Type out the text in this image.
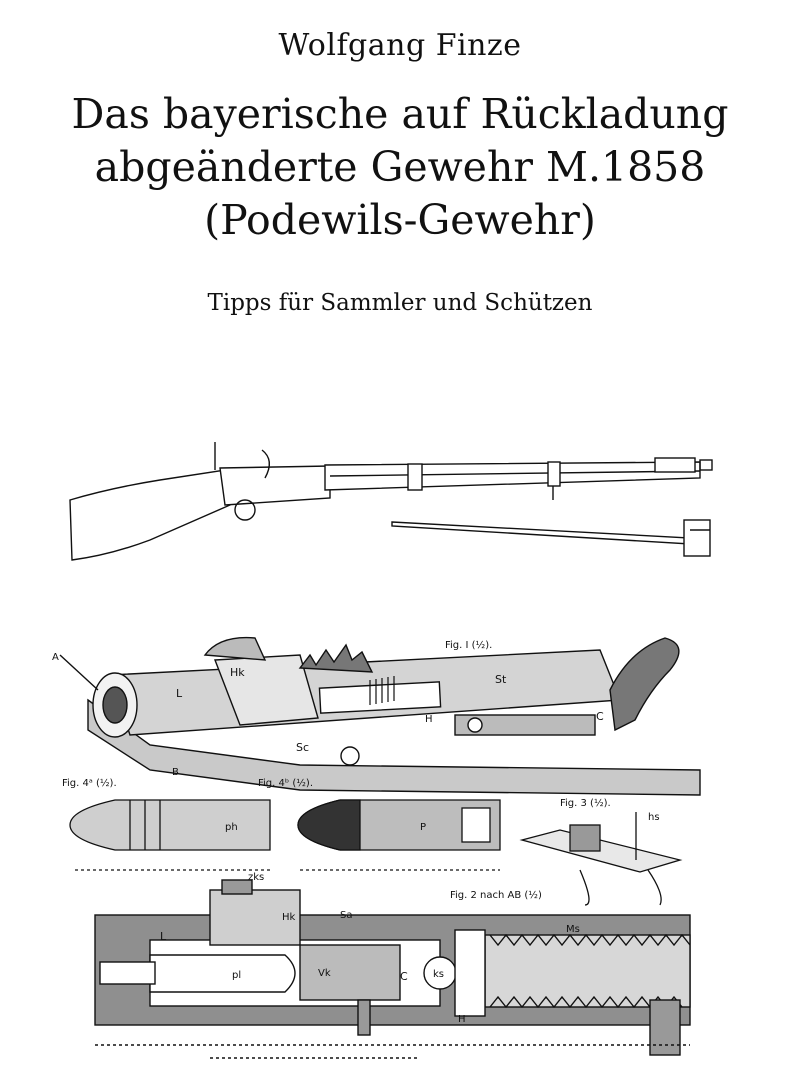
Wolfgang Finze
Das bayerische auf Rückladung
abgeänderte Gewehr M.1858
(Podewils-Gewehr)
Tipps für Sammler und Schützen
A
B
L
Hk
St
Sc
H	C
Fig. I (½).
Fig. 4ᵃ (½).
ph
Fig. 4ᵇ (½).
P
Fig. 3 (½).
hs
Fig. 2 nach AB (½)
L
Hk
zks
pl	Vk	ks
Ms
Sa
C
H
